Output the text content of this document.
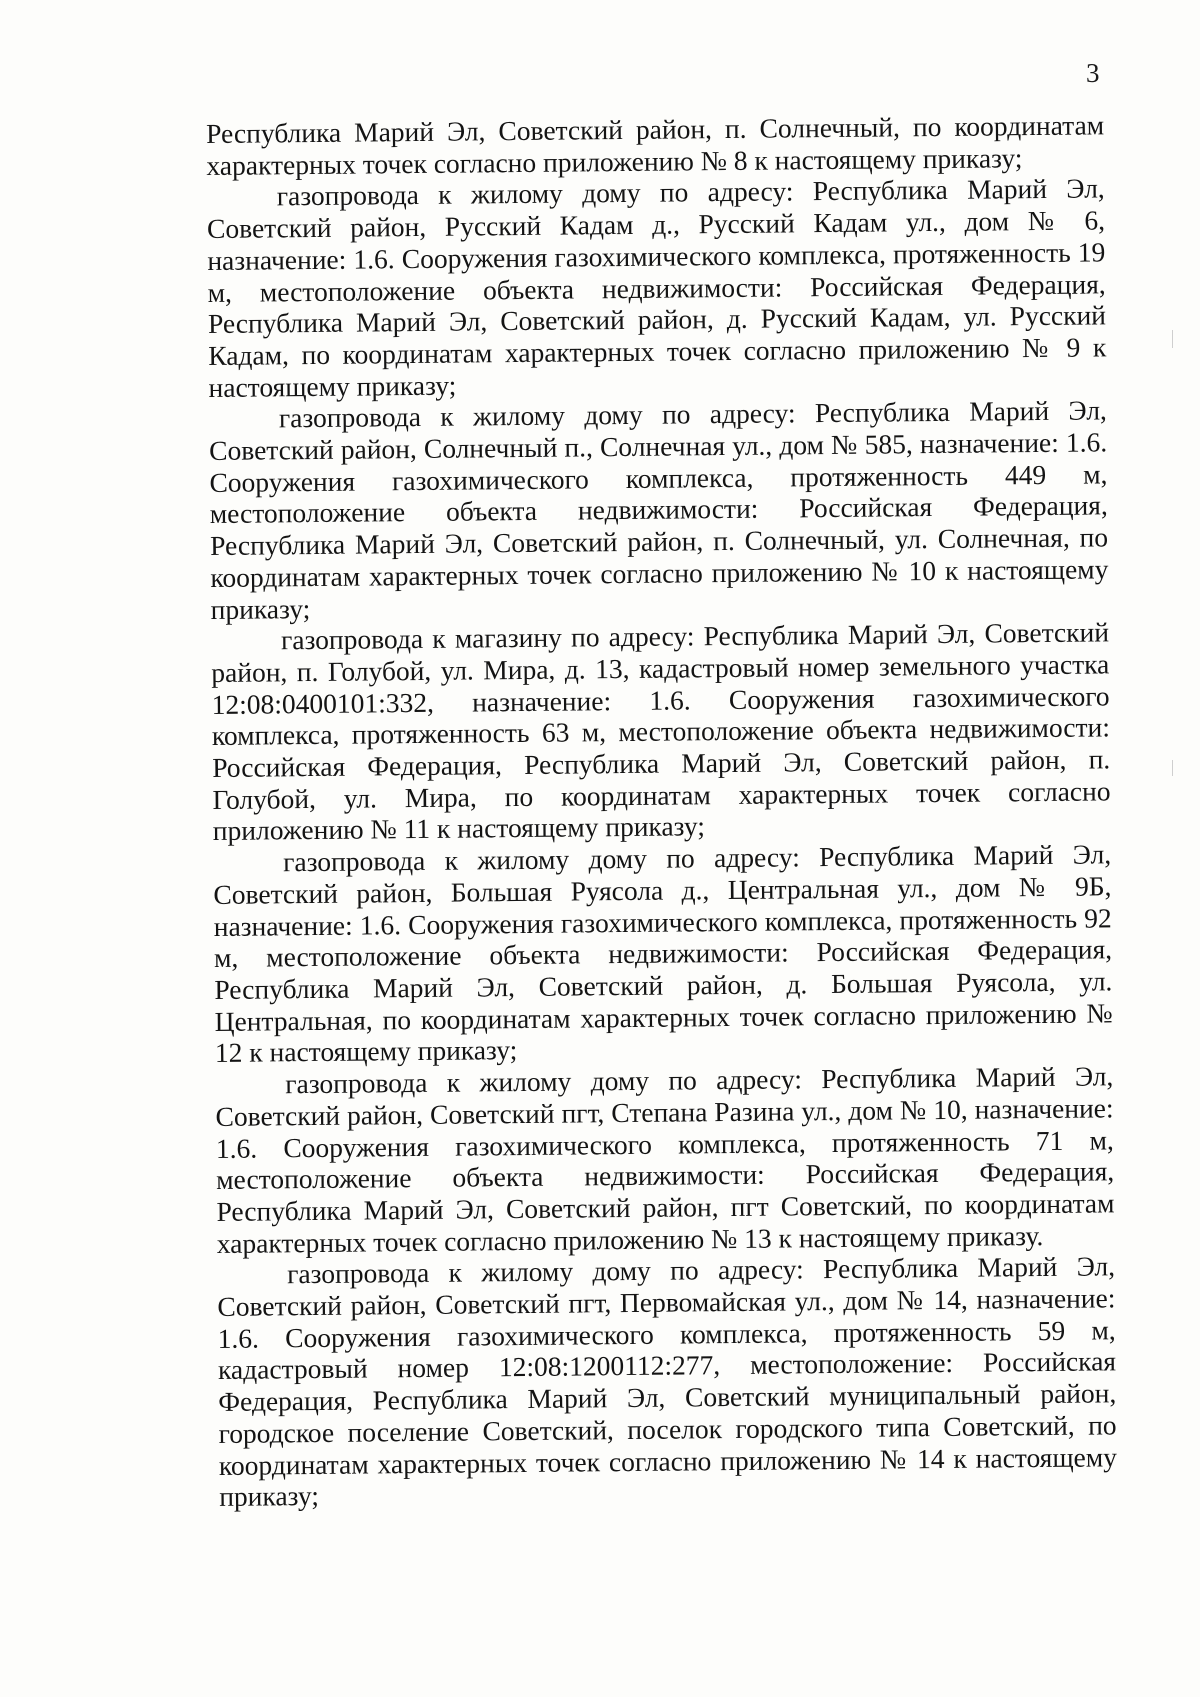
3

Республика Марий Эл, Советский район, п. Солнечный, по координатам характерных точек согласно приложению № 8 к настоящему приказу;

газопровода к жилому дому по адресу: Республика Марий Эл, Советский район, Русский Кадам д., Русский Кадам ул., дом № 6, назначение: 1.6. Сооружения газохимического комплекса, протяженность 19 м, местоположение объекта недвижимости: Российская Федерация, Республика Марий Эл, Советский район, д. Русский Кадам, ул. Русский Кадам, по координатам характерных точек согласно приложению № 9 к настоящему приказу;

газопровода к жилому дому по адресу: Республика Марий Эл, Советский район, Солнечный п., Солнечная ул., дом № 585, назначение: 1.6. Сооружения газохимического комплекса, протяженность 449 м, местоположение объекта недвижимости: Российская Федерация, Республика Марий Эл, Советский район, п. Солнечный, ул. Солнечная, по координатам характерных точек согласно приложению № 10 к настоящему приказу;

газопровода к магазину по адресу: Республика Марий Эл, Советский район, п. Голубой, ул. Мира, д. 13, кадастровый номер земельного участка 12:08:0400101:332, назначение: 1.6. Сооружения газохимического комплекса, протяженность 63 м, местоположение объекта недвижимости: Российская Федерация, Республика Марий Эл, Советский район, п. Голубой, ул. Мира, по координатам характерных точек согласно приложению № 11 к настоящему приказу;

газопровода к жилому дому по адресу: Республика Марий Эл, Советский район, Большая Руясола д., Центральная ул., дом № 9Б, назначение: 1.6. Сооружения газохимического комплекса, протяженность 92 м, местоположение объекта недвижимости: Российская Федерация, Республика Марий Эл, Советский район, д. Большая Руясола, ул. Центральная, по координатам характерных точек согласно приложению № 12 к настоящему приказу;

газопровода к жилому дому по адресу: Республика Марий Эл, Советский район, Советский пгт, Степана Разина ул., дом № 10, назначение: 1.6. Сооружения газохимического комплекса, протяженность 71 м, местоположение объекта недвижимости: Российская Федерация, Республика Марий Эл, Советский район, пгт Советский, по координатам характерных точек согласно приложению № 13 к настоящему приказу.

газопровода к жилому дому по адресу: Республика Марий Эл, Советский район, Советский пгт, Первомайская ул., дом № 14, назначение: 1.6. Сооружения газохимического комплекса, протяженность 59 м, кадастровый номер 12:08:1200112:277, местоположение: Российская Федерация, Республика Марий Эл, Советский муниципальный район, городское поселение Советский, поселок городского типа Советский, по координатам характерных точек согласно приложению № 14 к настоящему приказу;
